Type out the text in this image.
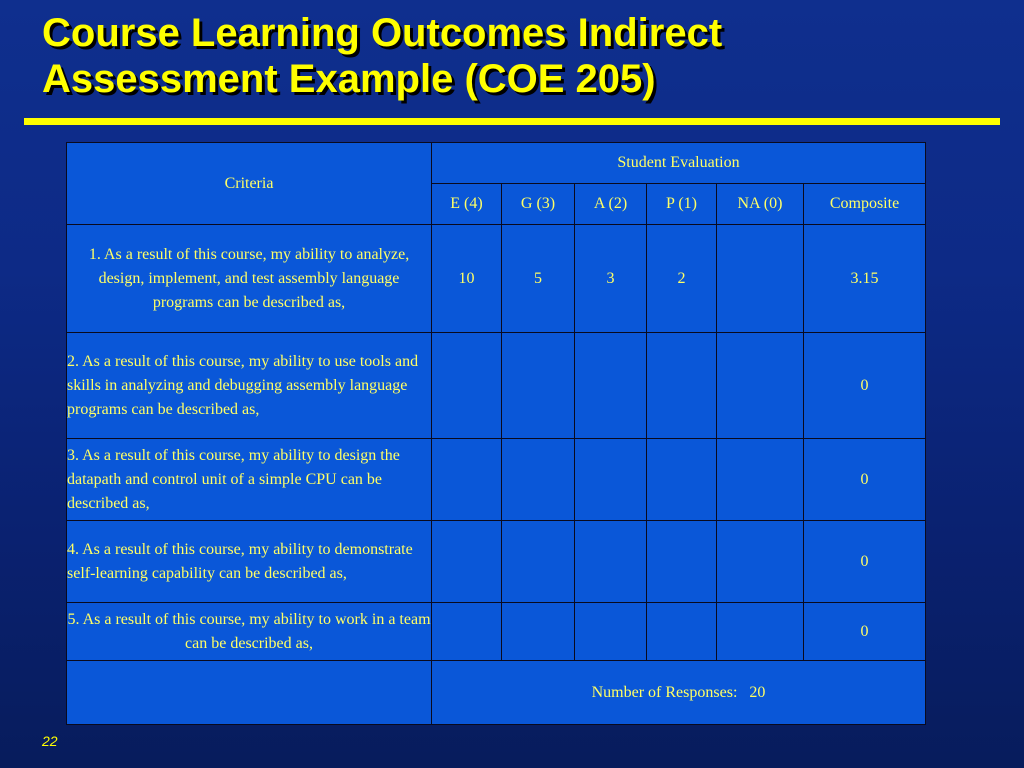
Course Learning Outcomes Indirect
Assessment Example (COE 205)
Criteria	Student Evaluation					
	E (4)	G (3)	A (2)	P (1)	NA (0)	Composite
1. As a result of this course, my ability to analyze, design, implement, and test assembly language programs can be described as,	10	5	3	2		3.15
2. As a result of this course, my ability to use tools and skills in analyzing and debugging assembly language programs can be described as,						0
3. As a result of this course, my ability to design the datapath and control unit of a simple CPU can be described as,						0
4. As a result of this course, my ability to demonstrate self-learning capability can be described as,						0
5. As a result of this course, my ability to work in a team can be described as,						0
	Number of Responses: 20					
22
